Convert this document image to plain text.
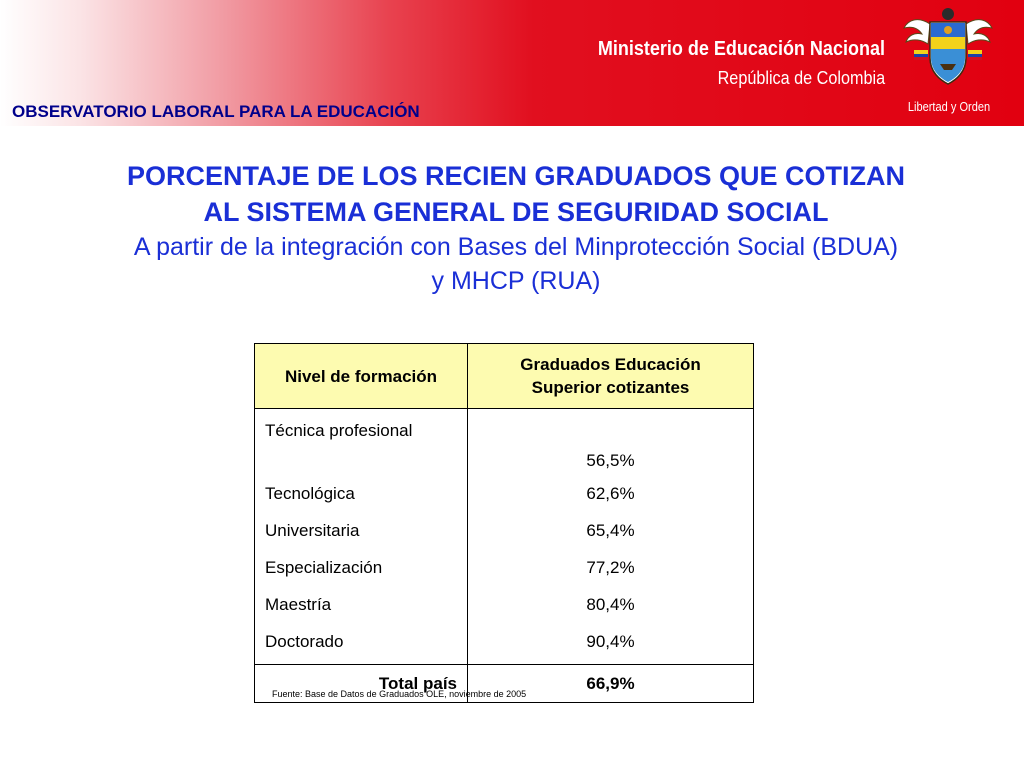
Ministerio de Educación Nacional
República de Colombia
Libertad y Orden
OBSERVATORIO LABORAL PARA LA EDUCACIÓN
PORCENTAJE DE LOS RECIEN GRADUADOS QUE COTIZAN
AL SISTEMA GENERAL DE SEGURIDAD SOCIAL
A partir de la integración con Bases del Minprotección Social (BDUA)
y MHCP (RUA)
Nivel de formación	Graduados Educación
Superior cotizantes
Técnica profesional	56,5%
Tecnológica	62,6%
Universitaria	65,4%
Especialización	77,2%
Maestría	80,4%
Doctorado	90,4%
Total país	66,9%
Fuente: Base de Datos de Graduados OLE, noviembre de 2005
